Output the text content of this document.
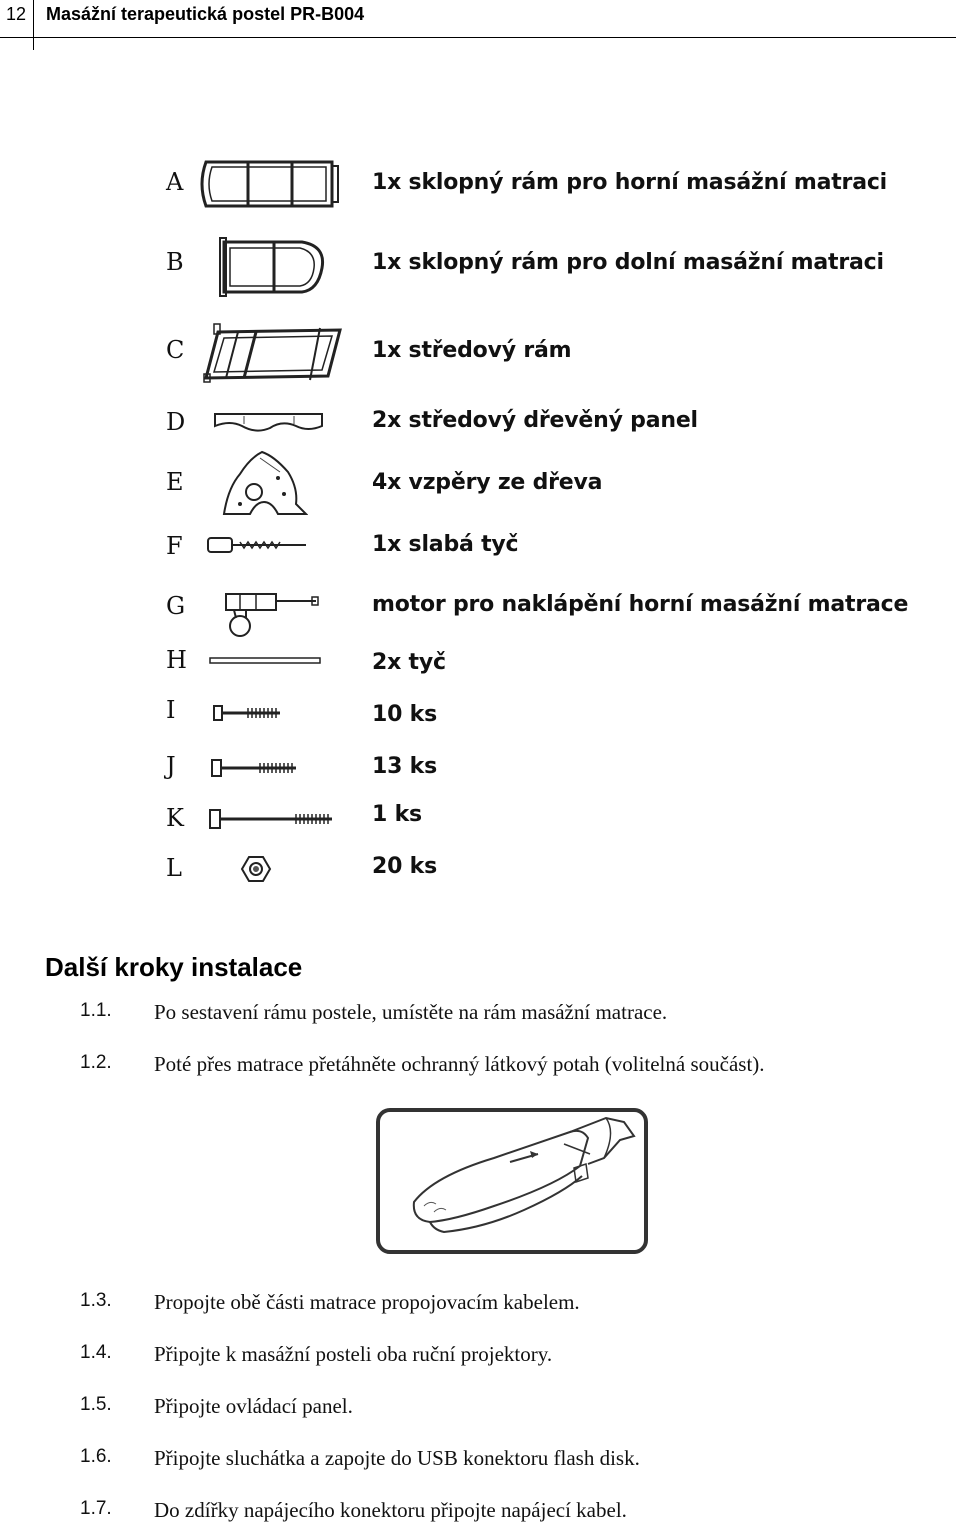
12 Masážní terapeutická postel PR-B004
A	1x sklopný rám pro horní masážní matraci
B	1x sklopný rám pro dolní masážní matraci
C	1x středový rám
D	2x středový dřevěný panel
E	4x vzpěry ze dřeva
F	1x slabá tyč
G	motor pro naklápění horní masážní matrace
H	2x tyč
I	10 ks
J	13 ks
K	1 ks
L	20 ks
Další kroky instalace
1.1. Po sestavení rámu postele, umístěte na rám masážní matrace.
1.2. Poté přes matrace přetáhněte ochranný látkový potah (volitelná součást).
1.3. Propojte obě části matrace propojovacím kabelem.
1.4. Připojte k masážní posteli oba ruční projektory.
1.5. Připojte ovládací panel.
1.6. Připojte sluchátka a zapojte do USB konektoru flash disk.
1.7. Do zdířky napájecího konektoru připojte napájecí kabel.
